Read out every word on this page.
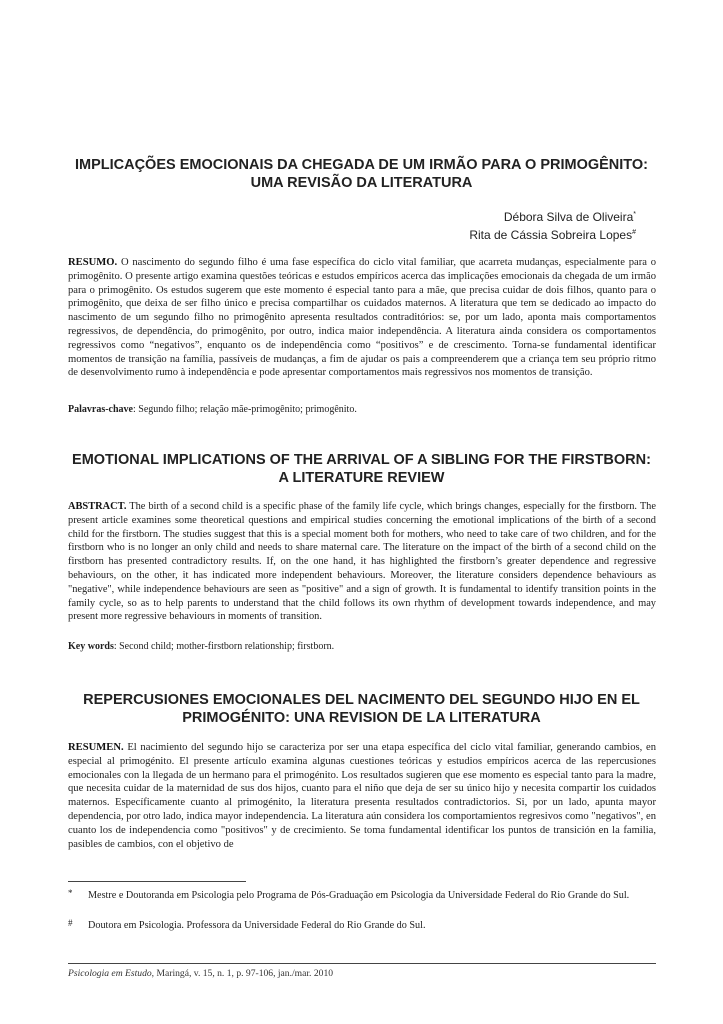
IMPLICAÇÕES EMOCIONAIS DA CHEGADA DE UM IRMÃO PARA O PRIMOGÊNITO:
UMA REVISÃO DA LITERATURA
Débora Silva de Oliveira*
Rita de Cássia Sobreira Lopes#
RESUMO. O nascimento do segundo filho é uma fase específica do ciclo vital familiar, que acarreta mudanças, especialmente para o primogênito. O presente artigo examina questões teóricas e estudos empíricos acerca das implicações emocionais da chegada de um irmão para o primogênito. Os estudos sugerem que este momento é especial tanto para a mãe, que precisa cuidar de dois filhos, quanto para o primogênito, que deixa de ser filho único e precisa compartilhar os cuidados maternos. A literatura que tem se dedicado ao impacto do nascimento de um segundo filho no primogênito apresenta resultados contraditórios: se, por um lado, aponta mais comportamentos regressivos, de dependência, do primogênito, por outro, indica maior independência. A literatura ainda considera os comportamentos regressivos como “negativos”, enquanto os de independência como “positivos” e de crescimento. Torna-se fundamental identificar momentos de transição na família, passíveis de mudanças, a fim de ajudar os pais a compreenderem que a criança tem seu próprio ritmo de desenvolvimento rumo à independência e pode apresentar comportamentos mais regressivos nos momentos de transição.
Palavras-chave: Segundo filho; relação mãe-primogênito; primogênito.
EMOTIONAL IMPLICATIONS OF THE ARRIVAL OF A SIBLING FOR THE FIRSTBORN:
A LITERATURE REVIEW
ABSTRACT. The birth of a second child is a specific phase of the family life cycle, which brings changes, especially for the firstborn. The present article examines some theoretical questions and empirical studies concerning the emotional implications of the birth of a second child for the firstborn. The studies suggest that this is a special moment both for mothers, who need to take care of two children, and for the firstborn who is no longer an only child and needs to share maternal care. The literature on the impact of the birth of a second child on the firstborn has presented contradictory results. If, on the one hand, it has highlighted the firstborn’s greater dependence and regressive behaviours, on the other, it has indicated more independent behaviours. Moreover, the literature considers dependence behaviours as "negative", while independence behaviours are seen as "positive" and a sign of growth. It is fundamental to identify transition points in the family cycle, so as to help parents to understand that the child follows its own rhythm of development towards independence, and may present more regressive behaviours in moments of transition.
Key words: Second child; mother-firstborn relationship; firstborn.
REPERCUSIONES EMOCIONALES DEL NACIMENTO DEL SEGUNDO HIJO EN EL
PRIMOGÉNITO: UNA REVISION DE LA LITERATURA
RESUMEN. El nacimiento del segundo hijo se caracteriza por ser una etapa específica del ciclo vital familiar, generando cambios, en especial al primogénito. El presente artículo examina algunas cuestiones teóricas y estudios empíricos acerca de las repercusiones emocionales con la llegada de un hermano para el primogénito. Los resultados sugieren que ese momento es especial tanto para la madre, que necesita cuidar de la maternidad de sus dos hijos, cuanto para el niño que deja de ser su único hijo y necesita compartir los cuidados maternos. Específicamente cuanto al primogénito, la literatura presenta resultados contradictorios. Si, por un lado, apunta mayor dependencia, por otro lado, indica mayor independencia. La literatura aún considera los comportamientos regresivos como "negativos", en cuanto los de independencia como "positivos" y de crecimiento. Se toma fundamental identificar los puntos de transición en la familia, pasibles de cambios, con el objetivo de
* Mestre e Doutoranda em Psicologia pelo Programa de Pós-Graduação em Psicologia da Universidade Federal do Rio Grande do Sul.
# Doutora em Psicologia. Professora da Universidade Federal do Rio Grande do Sul.
Psicologia em Estudo, Maringá, v. 15, n. 1, p. 97-106, jan./mar. 2010
